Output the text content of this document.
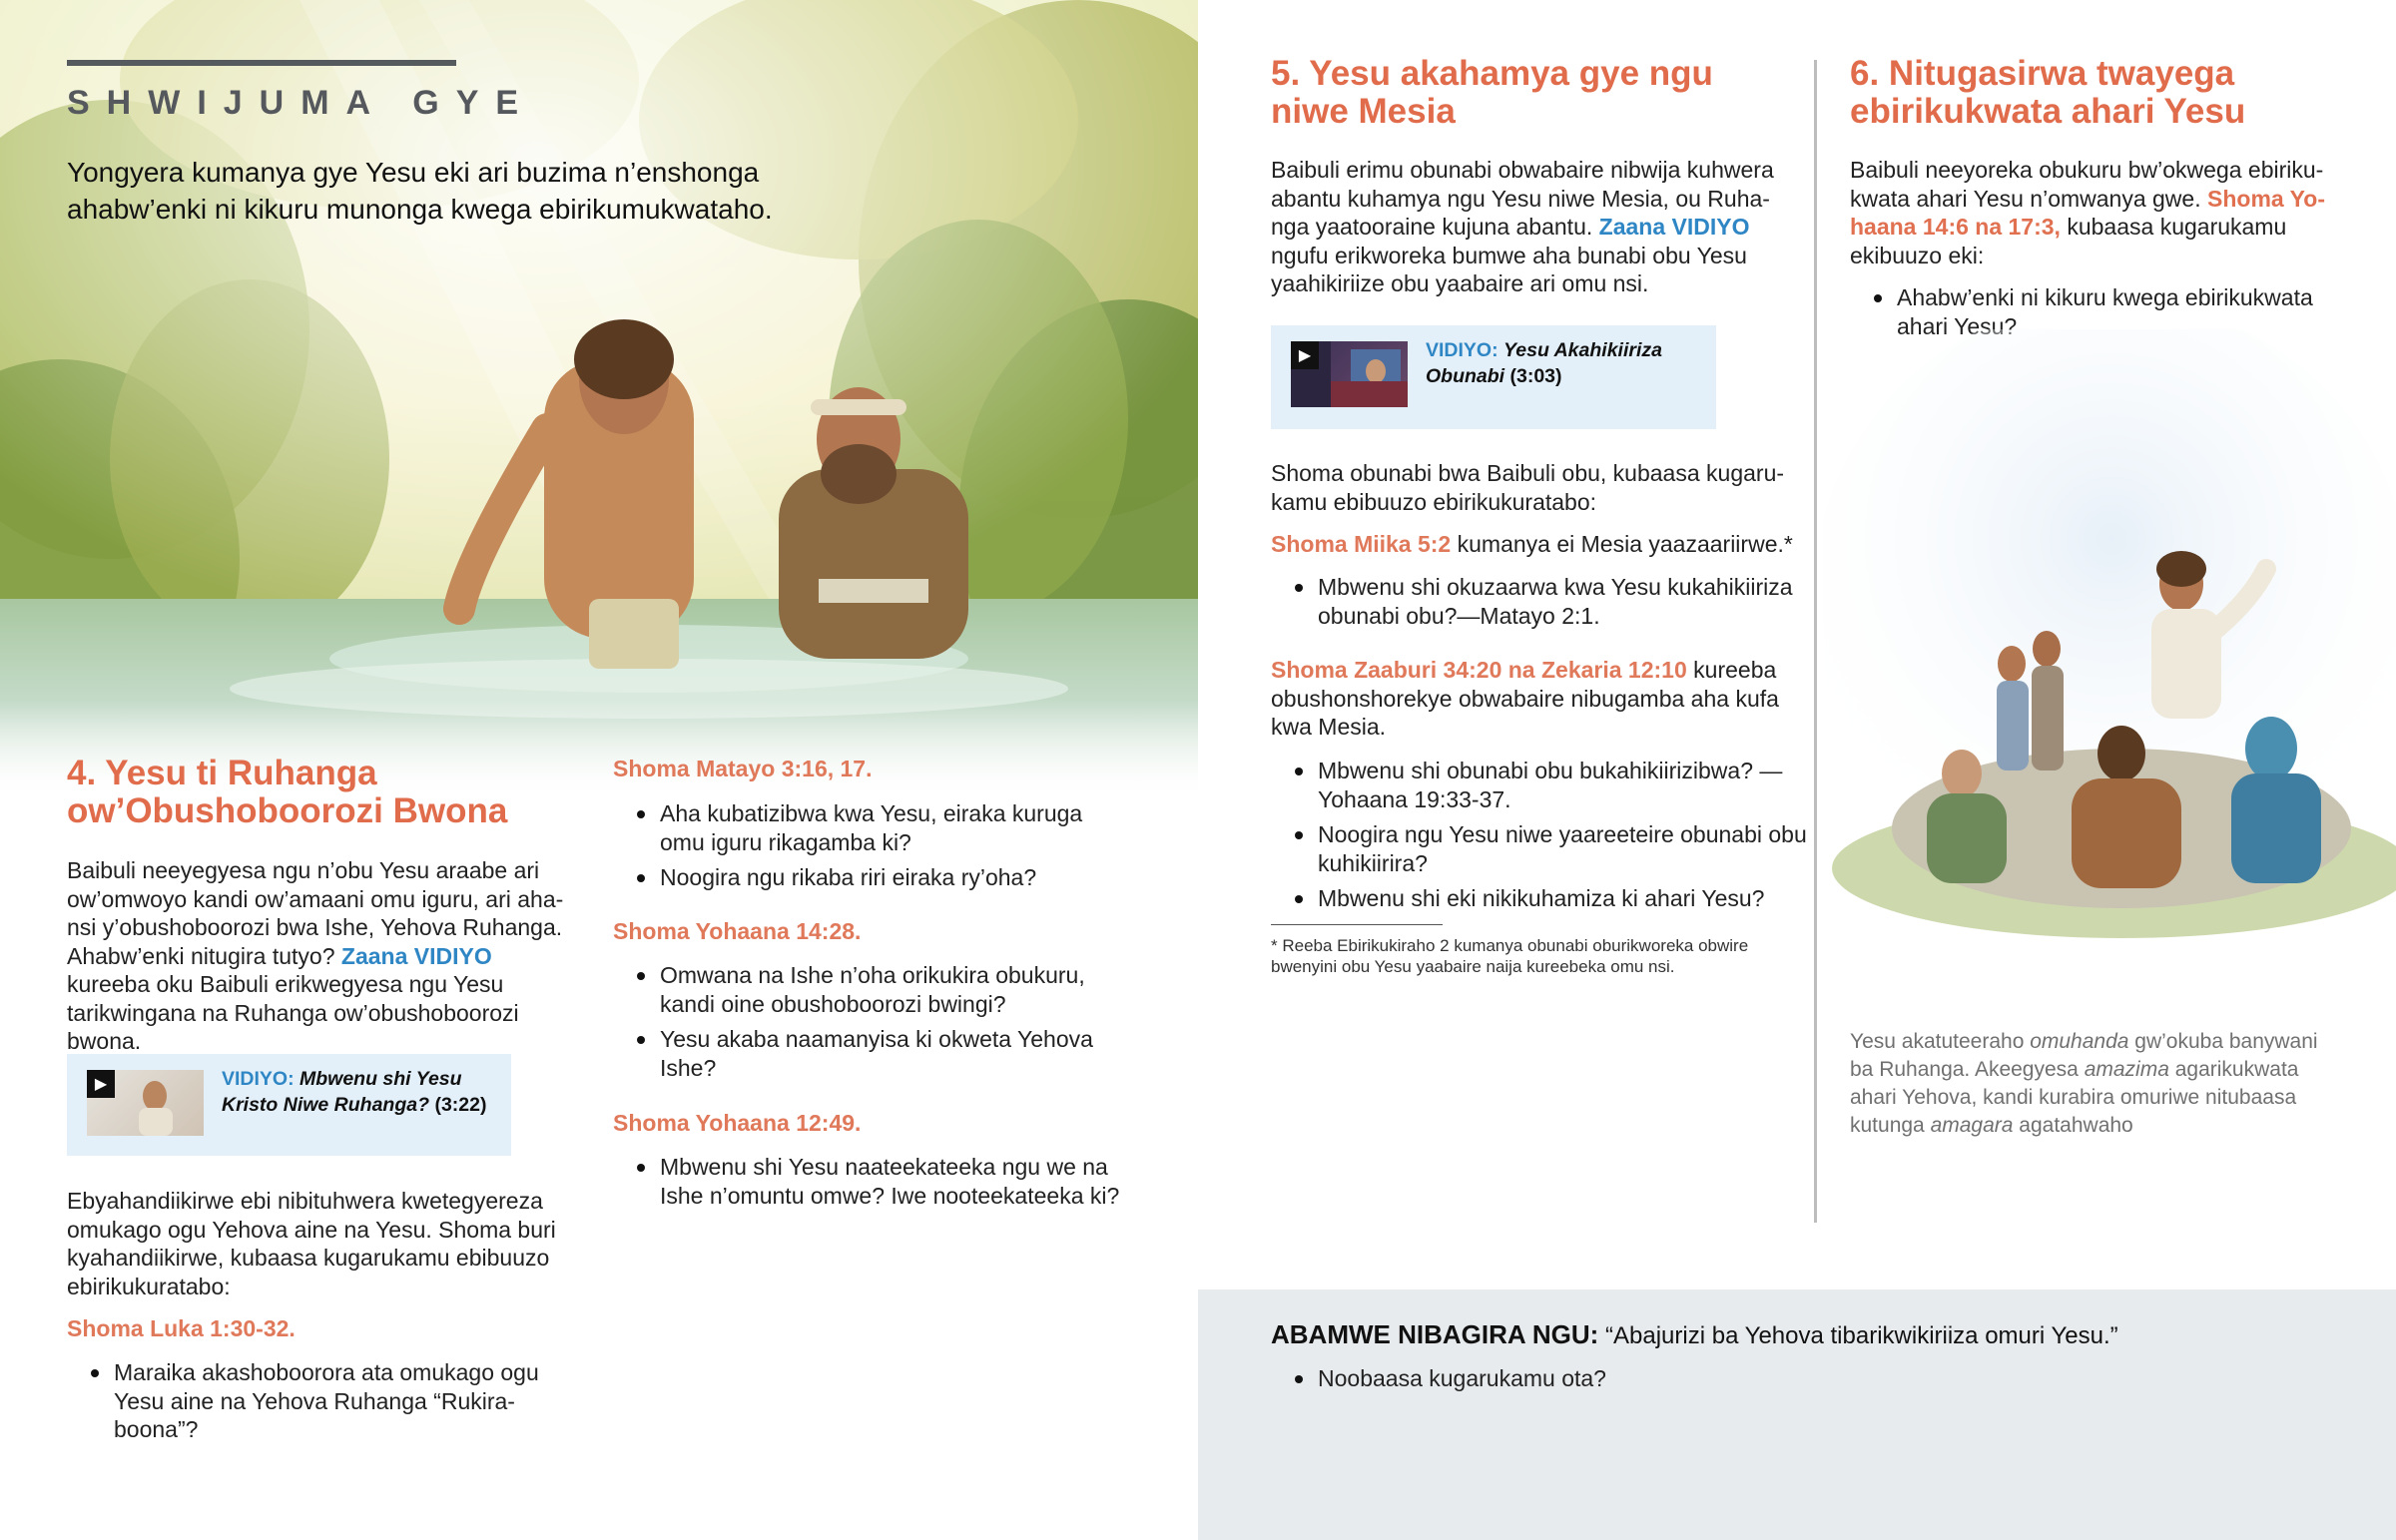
SHWIJUMA GYE
Yongyera kumanya gye Yesu eki ari buzima n’enshonga ahabw’enki ni kikuru munonga kwega ebirikumukwataho.
4. Yesu ti Ruhanga ow’Obushoboorozi Bwona
Baibuli neeyegyesa ngu n’obu Yesu araabe ari ow’omwoyo kandi ow’amaani omu iguru, ari ahansi y’obushoboorozi bwa Ishe, Yehova Ruhanga. Ahabw’enki nitugira tutyo? Zaana VIDIYO kureeba oku Baibuli erikwegyesa ngu Yesu tarikwingana na Ruhanga ow’obushoboorozi bwona.
▶	VIDIYO: Mbwenu shi Yesu Kristo Niwe Ruhanga? (3:22)
Ebyahandiikirwe ebi nibituhwera kwetegyereza omukago ogu Yehova aine na Yesu. Shoma buri kyahandiikirwe, kubaasa kugarukamu ebibuuzo ebirikukuratabo:
Shoma Luka 1:30-32.
Maraika akashoboorora ata omukago ogu Yesu aine na Yehova Ruhanga “Rukiraboona”?
Shoma Matayo 3:16, 17.
Aha kubatizibwa kwa Yesu, eiraka kuruga omu iguru rikagamba ki?
Noogira ngu rikaba riri eiraka ry’oha?
Shoma Yohaana 14:28.
Omwana na Ishe n’oha orikukira obukuru, kandi oine obushoboorozi bwingi?
Yesu akaba naamanyisa ki okweta Yehova Ishe?
Shoma Yohaana 12:49.
Mbwenu shi Yesu naateekateeka ngu we na Ishe n’omuntu omwe? Iwe nooteekateeka ki?
5. Yesu akahamya gye ngu niwe Mesia
Baibuli erimu obunabi obwabaire nibwija kuhwera abantu kuhamya ngu Yesu niwe Mesia, ou Ruhanga yaatooraine kujuna abantu. Zaana VIDIYO ngufu erikworeka bumwe aha bunabi obu Yesu yaahikiriize obu yaabaire ari omu nsi.
▶	VIDIYO: Yesu Akahikiiriza Obunabi (3:03)
Shoma obunabi bwa Baibuli obu, kubaasa kugarukamu ebibuuzo ebirikukuratabo:
Shoma Miika 5:2 kumanya ei Mesia yaazaariirwe.*
Mbwenu shi okuzaarwa kwa Yesu kukahikiiriza obunabi obu?—Matayo 2:1.
Shoma Zaaburi 34:20 na Zekaria 12:10 kureeba obushonshorekye obwabaire nibugamba aha kufa kwa Mesia.
Mbwenu shi obunabi obu bukahikiirizibwa? —Yohaana 19:33-37.
Noogira ngu Yesu niwe yaareeteire obunabi obu kuhikiirira?
Mbwenu shi eki nikikuhamiza ki ahari Yesu?
* Reeba Ebirikukiraho 2 kumanya obunabi oburikworeka obwire bwenyini obu Yesu yaabaire naija kureebeka omu nsi.
6. Nitugasirwa twayega ebirikukwata ahari Yesu
Baibuli neeyoreka obukuru bw’okwega ebirikukwata ahari Yesu n’omwanya gwe. Shoma Yohaana 14:6 na 17:3, kubaasa kugarukamu ekibuuzo eki:
Ahabw’enki ni kikuru kwega ebirikukwata ahari Yesu?
Yesu akatuteeraho omuhanda gw’okuba banywani ba Ruhanga. Akeegyesa amazima agarikukwata ahari Yehova, kandi kurabira omuriwe nitubaasa kutunga amagara agatahwaho
ABAMWE NIBAGIRA NGU: “Abajurizi ba Yehova tibarikwikiriiza omuri Yesu.”
Noobaasa kugarukamu ota?
